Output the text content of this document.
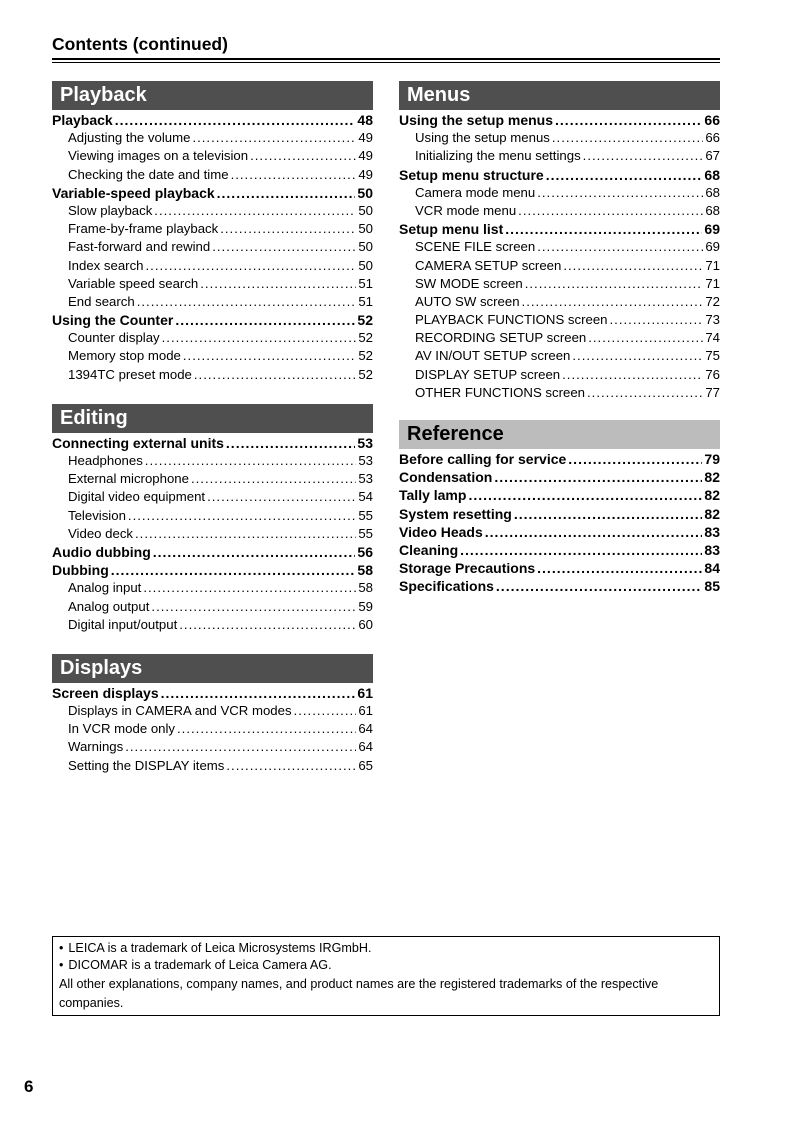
Contents (continued)
Playback
Playback .....	48
Adjusting the volume .....	49
Viewing images on a television .....	49
Checking the date and time .....	49
Variable-speed playback .....	50
Slow playback .....	50
Frame-by-frame playback .....	50
Fast-forward and rewind .....	50
Index search .....	50
Variable speed search .....	51
End search .....	51
Using the Counter .....	52
Counter display .....	52
Memory stop mode .....	52
1394TC preset mode .....	52
Editing
Connecting external units .....	53
Headphones .....	53
External microphone .....	53
Digital video equipment .....	54
Television .....	55
Video deck .....	55
Audio dubbing .....	56
Dubbing .....	58
Analog input .....	58
Analog output .....	59
Digital input/output .....	60
Displays
Screen displays .....	61
Displays in CAMERA and VCR modes .....	61
In VCR mode only .....	64
Warnings .....	64
Setting the DISPLAY items .....	65
Menus
Using the setup menus .....	66
Using the setup menus .....	66
Initializing the menu settings .....	67
Setup menu structure .....	68
Camera mode menu .....	68
VCR mode menu .....	68
Setup menu list .....	69
SCENE FILE screen .....	69
CAMERA SETUP screen .....	71
SW MODE screen .....	71
AUTO SW screen .....	72
PLAYBACK FUNCTIONS screen .....	73
RECORDING SETUP screen .....	74
AV IN/OUT SETUP screen .....	75
DISPLAY SETUP screen .....	76
OTHER FUNCTIONS screen .....	77
Reference
Before calling for service .....	79
Condensation .....	82
Tally lamp .....	82
System resetting .....	82
Video Heads .....	83
Cleaning .....	83
Storage Precautions .....	84
Specifications .....	85
• LEICA is a trademark of Leica Microsystems IRGmbH.
• DICOMAR is a trademark of Leica Camera AG.
All other explanations, company names, and product names are the registered trademarks of the respective companies.
6
